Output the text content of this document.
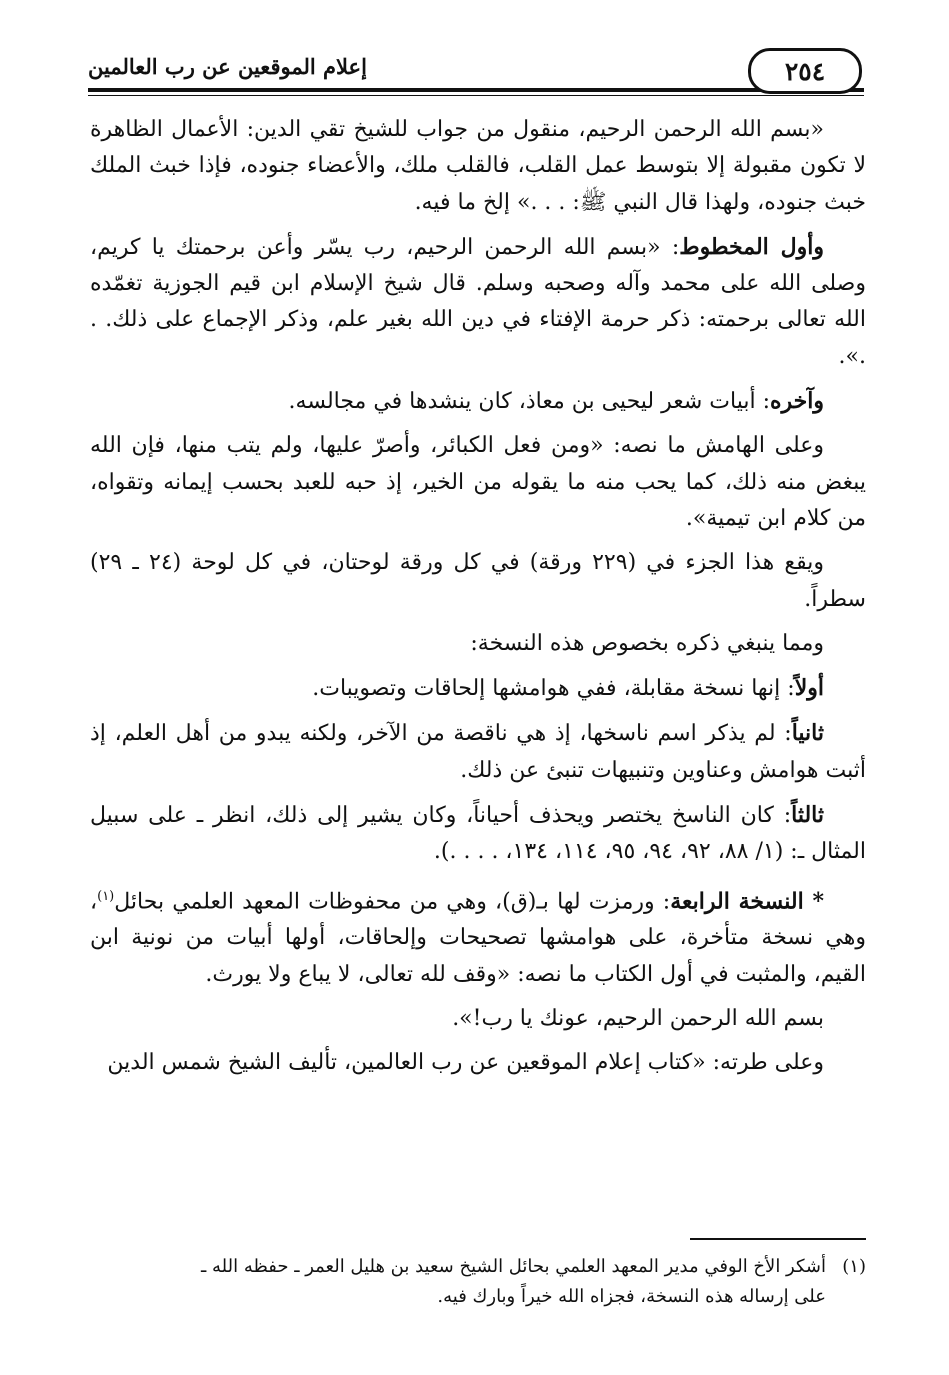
إعلام الموقعين عن رب العالمين	٢٥٤

«بسم الله الرحمن الرحيم، منقول من جواب للشيخ تقي الدين: الأعمال الظاهرة لا تكون مقبولة إلا بتوسط عمل القلب، فالقلب ملك، والأعضاء جنوده، فإذا خبث الملك خبث جنوده، ولهذا قال النبي ﷺ: . . .» إلخ ما فيه.

وأول المخطوط: «بسم الله الرحمن الرحيم، رب يسّر وأعن برحمتك يا كريم، وصلى الله على محمد وآله وصحبه وسلم. قال شيخ الإسلام ابن قيم الجوزية تغمّده الله تعالى برحمته: ذكر حرمة الإفتاء في دين الله بغير علم، وذكر الإجماع على ذلك. . .».

وآخره: أبيات شعر ليحيى بن معاذ، كان ينشدها في مجالسه.

وعلى الهامش ما نصه: «ومن فعل الكبائر، وأصرّ عليها، ولم يتب منها، فإن الله يبغض منه ذلك، كما يحب منه ما يقوله من الخير، إذ حبه للعبد بحسب إيمانه وتقواه، من كلام ابن تيمية».

ويقع هذا الجزء في (٢٢٩ ورقة) في كل ورقة لوحتان، في كل لوحة (٢٤ ـ ٢٩) سطراً.

ومما ينبغي ذكره بخصوص هذه النسخة:

أولاً: إنها نسخة مقابلة، ففي هوامشها إلحاقات وتصويبات.

ثانياً: لم يذكر اسم ناسخها، إذ هي ناقصة من الآخر، ولكنه يبدو من أهل العلم، إذ أثبت هوامش وعناوين وتنبيهات تنبئ عن ذلك.

ثالثاً: كان الناسخ يختصر ويحذف أحياناً، وكان يشير إلى ذلك، انظر ـ على سبيل المثال ـ: (١/ ٨٨، ٩٢، ٩٤، ٩٥، ١١٤، ١٣٤، . . . .).

* النسخة الرابعة: ورمزت لها بـ(ق)، وهي من محفوظات المعهد العلمي بحائل$^{(١)}$، وهي نسخة متأخرة، على هوامشها تصحيحات وإلحاقات، أولها أبيات من نونية ابن القيم، والمثبت في أول الكتاب ما نصه: «وقف لله تعالى، لا يباع ولا يورث.

بسم الله الرحمن الرحيم، عونك يا رب!».

وعلى طرته: «كتاب إعلام الموقعين عن رب العالمين، تأليف الشيخ شمس الدين

(١)أشكر الأخ الوفي مدير المعهد العلمي بحائل الشيخ سعيد بن هليل العمر ـ حفظه الله ـ
على إرساله هذه النسخة، فجزاه الله خيراً وبارك فيه.
